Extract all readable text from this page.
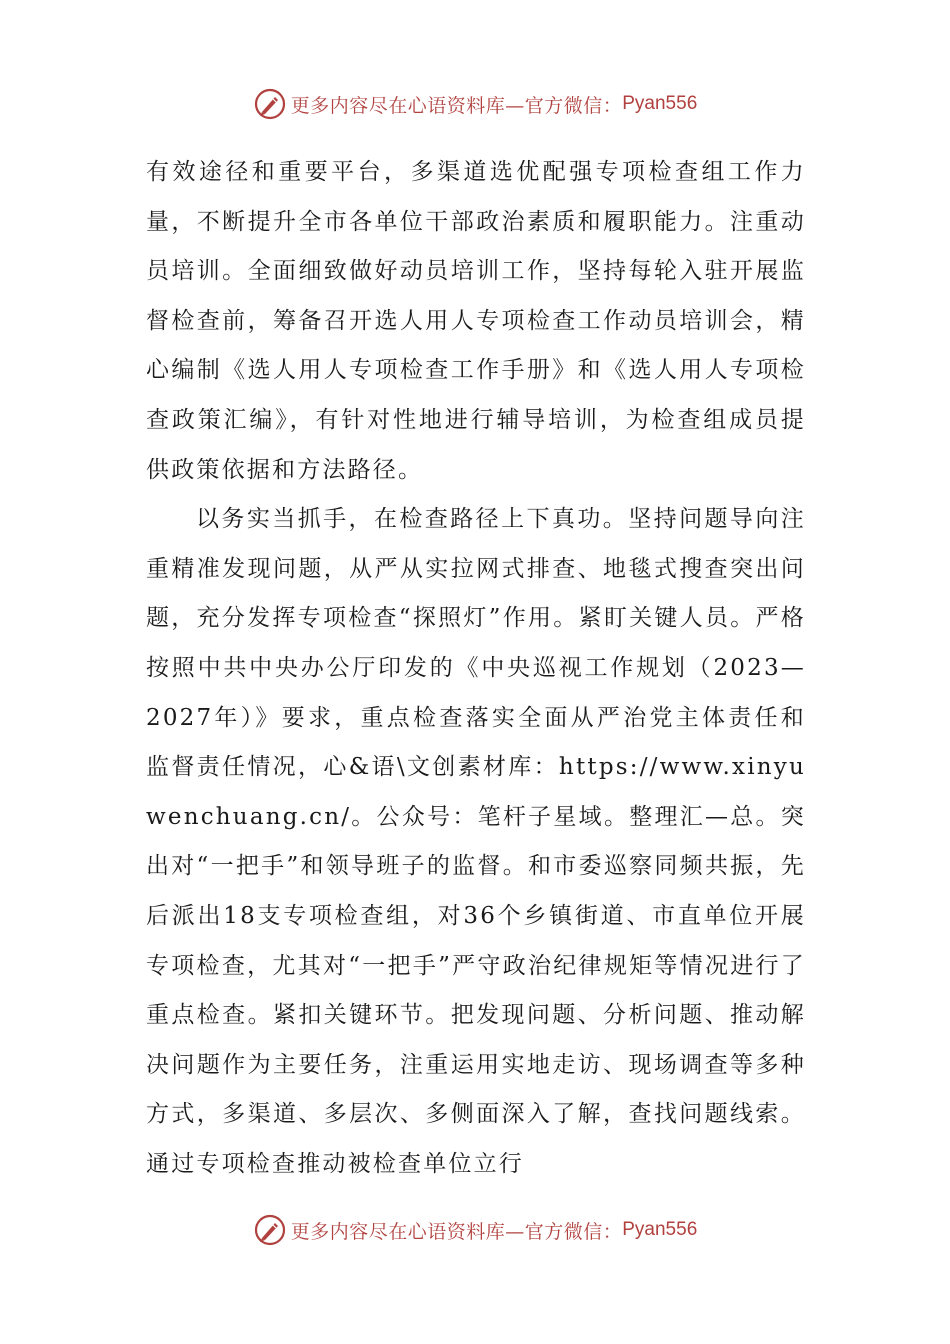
更多内容尽在心语资料库—官方微信： Pyan556

有效途径和重要平台，多渠道选优配强专项检查组工作力量，不断提升全市各单位干部政治素质和履职能力。注重动员培训。全面细致做好动员培训工作，坚持每轮入驻开展监督检查前，筹备召开选人用人专项检查工作动员培训会，精心编制《选人用人专项检查工作手册》和《选人用人专项检查政策汇编》，有针对性地进行辅导培训，为检查组成员提供政策依据和方法路径。

以务实当抓手，在检查路径上下真功。坚持问题导向注重精准发现问题，从严从实拉网式排查、地毯式搜查突出问题，充分发挥专项检查“探照灯”作用。紧盯关键人员。严格按照中共中央办公厅印发的《中央巡视工作规划（2023—2027年）》要求，重点检查落实全面从严治党主体责任和监督责任情况，心&语\文创素材库：https://www.xinyuwenchuang.cn/。公众号：笔杆子星域。整理汇—总。突出对“一把手”和领导班子的监督。和市委巡察同频共振，先后派出18支专项检查组，对36个乡镇街道、市直单位开展专项检查，尤其对“一把手”严守政治纪律规矩等情况进行了重点检查。紧扣关键环节。把发现问题、分析问题、推动解决问题作为主要任务，注重运用实地走访、现场调查等多种方式，多渠道、多层次、多侧面深入了解，查找问题线索。通过专项检查推动被检查单位立行

更多内容尽在心语资料库—官方微信： Pyan556
